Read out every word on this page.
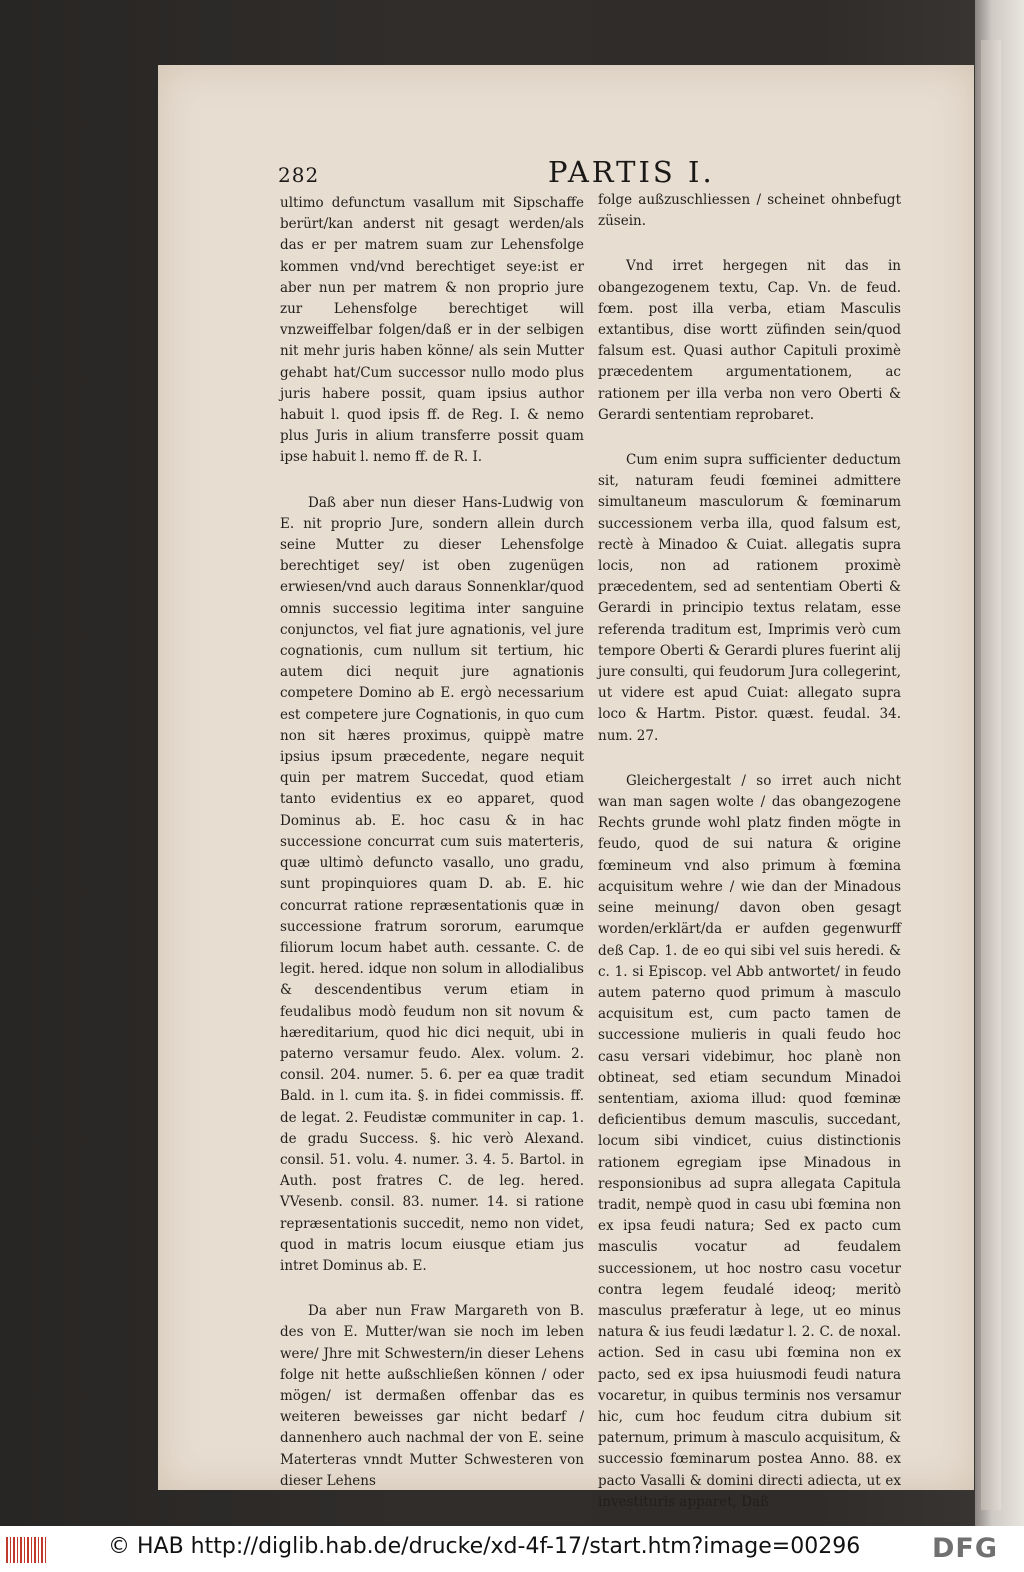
282	PARTIS I.

ultimo defunctum vasallum mit Sipschaffe berürt/kan anderst nit gesagt werden/als das er per matrem suam zur Lehensfolge kommen vnd/vnd berechtiget seye:ist er aber nun per matrem & non proprio jure zur Lehensfolge berechtiget will vnzweiffelbar folgen/daß er in der selbigen nit mehr juris haben könne/ als sein Mutter gehabt hat/Cum successor nullo modo plus juris habere possit, quam ipsius author habuit l. quod ipsis ff. de Reg. I. & nemo plus Juris in alium transferre possit quam ipse habuit l. nemo ff. de R. I.

Daß aber nun dieser Hans-Ludwig von E. nit proprio Jure, sondern allein durch seine Mutter zu dieser Lehensfolge berechtiget sey/ ist oben zugenügen erwiesen/vnd auch daraus Sonnenklar/quod omnis successio legitima inter sanguine conjunctos, vel fiat jure agnationis, vel jure cognationis, cum nullum sit tertium, hic autem dici nequit jure agnationis competere Domino ab E. ergò necessarium est competere jure Cognationis, in quo cum non sit hæres proximus, quippè matre ipsius ipsum præcedente, negare nequit quin per matrem Succedat, quod etiam tanto evidentius ex eo apparet, quod Dominus ab. E. hoc casu & in hac successione concurrat cum suis materteris, quæ ultimò defuncto vasallo, uno gradu, sunt propinquiores quam D. ab. E. hic concurrat ratione repræsentationis quæ in successione fratrum sororum, earumque filiorum locum habet auth. cessante. C. de legit. hered. idque non solum in allodialibus & descendentibus verum etiam in feudalibus modò feudum non sit novum & hæreditarium, quod hic dici nequit, ubi in paterno versamur feudo. Alex. volum. 2. consil. 204. numer. 5. 6. per ea quæ tradit Bald. in l. cum ita. §. in fidei commissis. ff. de legat. 2. Feudistæ communiter in cap. 1. de gradu Success. §. hic verò Alexand. consil. 51. volu. 4. numer. 3. 4. 5. Bartol. in Auth. post fratres C. de leg. hered. VVesenb. consil. 83. numer. 14. si ratione repræsentationis succedit, nemo non videt, quod in matris locum eiusque etiam jus intret Dominus ab. E.

Da aber nun Fraw Margareth von B. des von E. Mutter/wan sie noch im leben were/ Jhre mit Schwestern/in dieser Lehens folge nit hette außschließen können / oder mögen/ ist dermaßen offenbar das es weiteren beweisses gar nicht bedarf / dannenhero auch nachmal der von E. seine Materteras vnndt Mutter Schwesteren von dieser Lehens

folge außzuschliessen / scheinet ohnbefugt züsein.

Vnd irret hergegen nit das in obangezogenem textu, Cap. Vn. de feud. fœm. post illa verba, etiam Masculis extantibus, dise wortt züfinden sein/quod falsum est. Quasi author Capituli proximè præcedentem argumentationem, ac rationem per illa verba non vero Oberti & Gerardi sententiam reprobaret.

Cum enim supra sufficienter deductum sit, naturam feudi fœminei admittere simultaneum masculorum & fœminarum successionem verba illa, quod falsum est, rectè à Minadoo & Cuiat. allegatis supra locis, non ad rationem proximè præcedentem, sed ad sententiam Oberti & Gerardi in principio textus relatam, esse referenda traditum est, Imprimis verò cum tempore Oberti & Gerardi plures fuerint alij jure consulti, qui feudorum Jura collegerint, ut videre est apud Cuiat: allegato supra loco & Hartm. Pistor. quæst. feudal. 34. num. 27.

Gleichergestalt / so irret auch nicht wan man sagen wolte / das obangezogene Rechts grunde wohl platz finden mögte in feudo, quod de sui natura & origine fœmineum vnd also primum à fœmina acquisitum wehre / wie dan der Minadous seine meinung/ davon oben gesagt worden/erklärt/da er aufden gegenwurff deß Cap. 1. de eo qui sibi vel suis heredi. & c. 1. si Episcop. vel Abb antwortet/ in feudo autem paterno quod primum à masculo acquisitum est, cum pacto tamen de successione mulieris in quali feudo hoc casu versari videbimur, hoc planè non obtineat, sed etiam secundum Minadoi sententiam, axioma illud: quod fœminæ deficientibus demum masculis, succedant, locum sibi vindicet, cuius distinctionis rationem egregiam ipse Minadous in responsionibus ad supra allegata Capitula tradit, nempè quod in casu ubi fœmina non ex ipsa feudi natura; Sed ex pacto cum masculis vocatur ad feudalem successionem, ut hoc nostro casu vocetur contra legem feudalé ideoq; meritò masculus præferatur à lege, ut eo minus natura & ius feudi lædatur l. 2. C. de noxal. action. Sed in casu ubi fœmina non ex pacto, sed ex ipsa huiusmodi feudi natura vocaretur, in quibus terminis nos versamur hic, cum hoc feudum citra dubium sit paternum, primum à masculo acquisitum, & successio fœminarum postea Anno. 88. ex pacto Vasalli & domini directi adiecta, ut ex investituris apparet, Daß

© HAB http://diglib.hab.de/drucke/xd-4f-17/start.htm?image=00296	DFG
